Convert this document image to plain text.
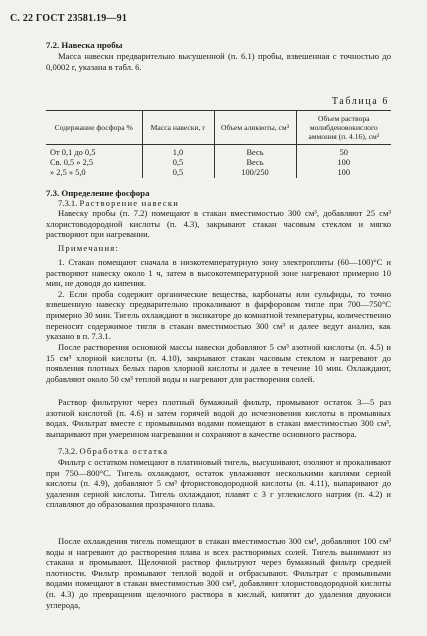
С. 22 ГОСТ 23581.19—91
7.2. Навеска пробы
Масса навески предварительно высушенной (п. 6.1) пробы, взвешенная с точностью до 0,0002 г, указана в табл. 6.
Таблица 6
Содержание фосфора %	Масса навески, г	Объем аликвоты, см³	Объем раствора молибденовокислого аммония (п. 4.16), см³
От 0,1 до 0,5	1,0	Весь	50
Св. 0,5 » 2,5	0,5	Весь	100
» 2,5 » 5,0	0,5	100/250	100
7.3. Определение фосфора
7.3.1. Растворение навески
Навеску пробы (п. 7.2) помещают в стакан вместимостью 300 см³, добавляют 25 см³ хлористоводородной кислоты (п. 4.3), закрывают стакан часовым стеклом и мягко растворяют при нагревании.
Примечания:
1. Стакан помещают сначала в низкотемпературную зону электроплиты (60—100)°С и растворяют навеску около 1 ч, затем в высокотемпературной зоне нагревают примерно 10 мин, не доводя до кипения.
2. Если проба содержит органические вещества, карбонаты или сульфиды, то точно взвешенную навеску предварительно прокаливают в фарфоровом тигле при 700—750°С примерно 30 мин. Тигель охлаждают в эксикаторе до комнатной температуры, количественно переносят содержимое тигля в стакан вместимостью 300 см³ и далее ведут анализ, как указано в п. 7.3.1.
После растворения основной массы навески добавляют 5 см³ азотной кислоты (п. 4.5) и 15 см³ хлорной кислоты (п. 4.10), закрывают стакан часовым стеклом и нагревают до появления плотных белых паров хлорной кислоты и далее в течение 10 мин. Охлаждают, добавляют около 50 см³ теплой воды и нагревают для растворения солей.
Раствор фильтруют через плотный бумажный фильтр, промывают остаток 3—5 раз азотной кислотой (п. 4.6) и затем горячей водой до исчезновения кислоты в промывных водах. Фильтрат вместе с промывными водами помещают в стакан вместимостью 300 см³, выпаривают при умеренном нагревании и сохраняют в качестве основного раствора.
7.3.2. Обработка остатка
Фильтр с остатком помещают в платиновый тигель, высушивают, озоляют и прокаливают при 750—800°С. Тигель охлаждают, остаток увлажняют несколькими каплями серной кислоты (п. 4.9), добавляют 5 см³ фтористоводородной кислоты (п. 4.11), выпаривают до удаления серной кислоты. Тигель охлаждают, плавят с 3 г углекислого натрия (п. 4.2) и сплавляют до образования прозрачного плава.
После охлаждения тигель помещают в стакан вместимостью 300 см³, добавляют 100 см³ воды и нагревают до растворения плава и всех растворимых солей. Тигель вынимают из стакана и промывают. Щелочной раствор фильтруют через бумажный фильтр средней плотности. Фильтр промывают теплой водой и отбрасывают. Фильтрат с промывными водами помещают в стакан вместимостью 300 см³, добавляют хлористоводородной кислоты (п. 4.3) до превращения щелочного раствора в кислый, кипятят до удаления двуокиси углерода,
